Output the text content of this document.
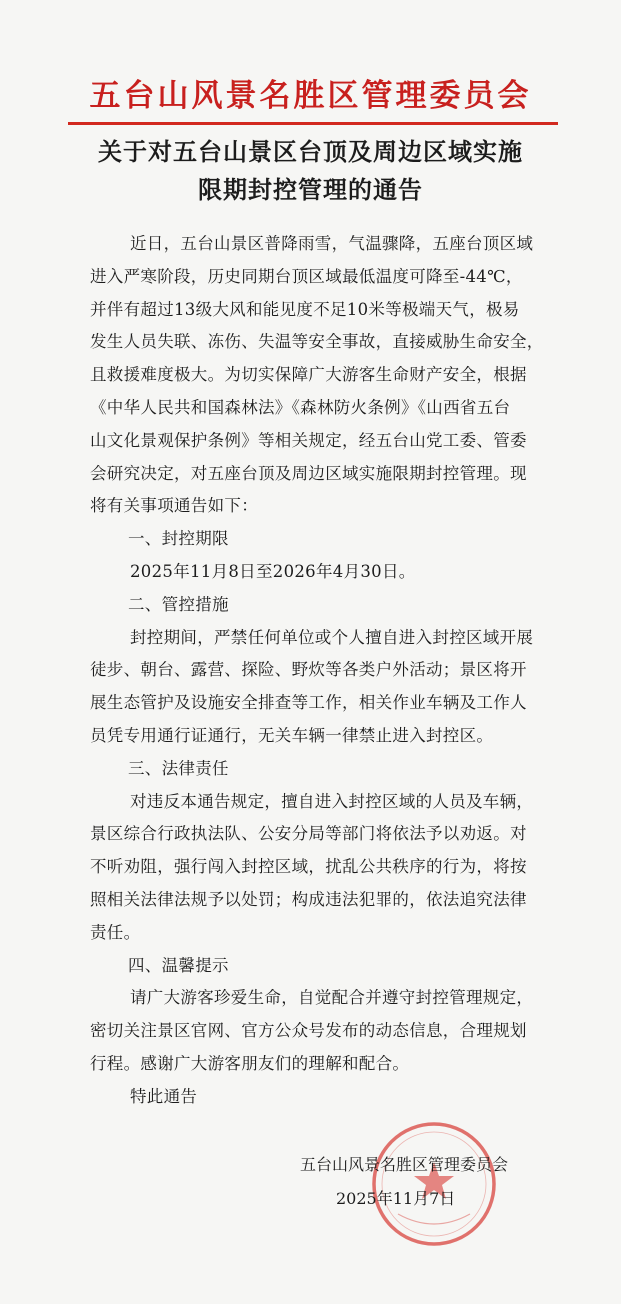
五台山风景名胜区管理委员会
关于对五台山景区台顶及周边区域实施
限期封控管理的通告
近日，五台山景区普降雨雪，气温骤降，五座台顶区域
进入严寒阶段，历史同期台顶区域最低温度可降至-44℃，
并伴有超过13级大风和能见度不足10米等极端天气，极易
发生人员失联、冻伤、失温等安全事故，直接威胁生命安全，
且救援难度极大。为切实保障广大游客生命财产安全，根据
《中华人民共和国森林法》《森林防火条例》《山西省五台
山文化景观保护条例》等相关规定，经五台山党工委、管委
会研究决定，对五座台顶及周边区域实施限期封控管理。现
将有关事项通告如下：
一、封控期限
2025年11月8日至2026年4月30日。
二、管控措施
封控期间，严禁任何单位或个人擅自进入封控区域开展
徒步、朝台、露营、探险、野炊等各类户外活动；景区将开
展生态管护及设施安全排查等工作，相关作业车辆及工作人
员凭专用通行证通行，无关车辆一律禁止进入封控区。
三、法律责任
对违反本通告规定，擅自进入封控区域的人员及车辆，
景区综合行政执法队、公安分局等部门将依法予以劝返。对
不听劝阻，强行闯入封控区域，扰乱公共秩序的行为，将按
照相关法律法规予以处罚；构成违法犯罪的，依法追究法律
责任。
四、温馨提示
请广大游客珍爱生命，自觉配合并遵守封控管理规定，
密切关注景区官网、官方公众号发布的动态信息，合理规划
行程。感谢广大游客朋友们的理解和配合。
特此通告
五台山风景名胜区管理委员会
2025年11月7日
